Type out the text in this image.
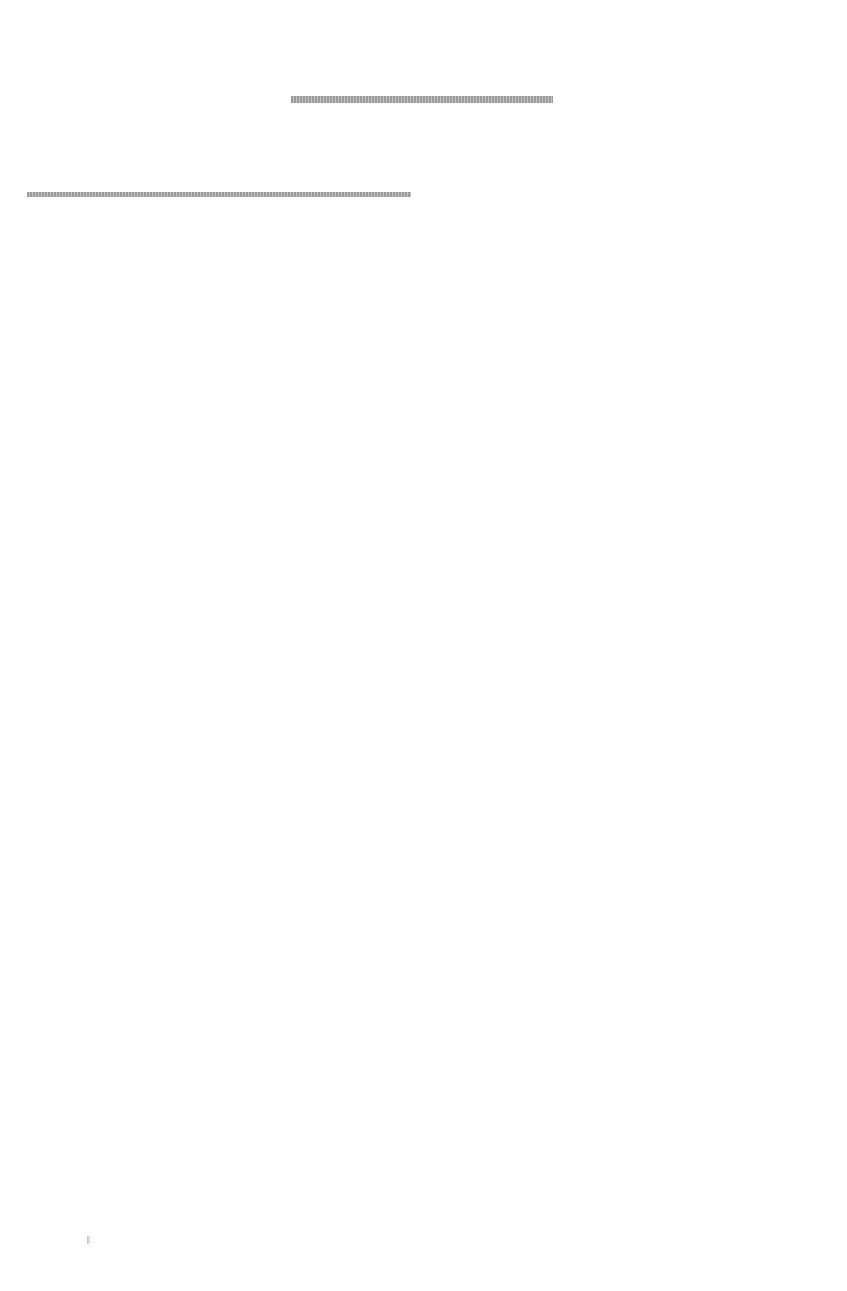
ᛒ
